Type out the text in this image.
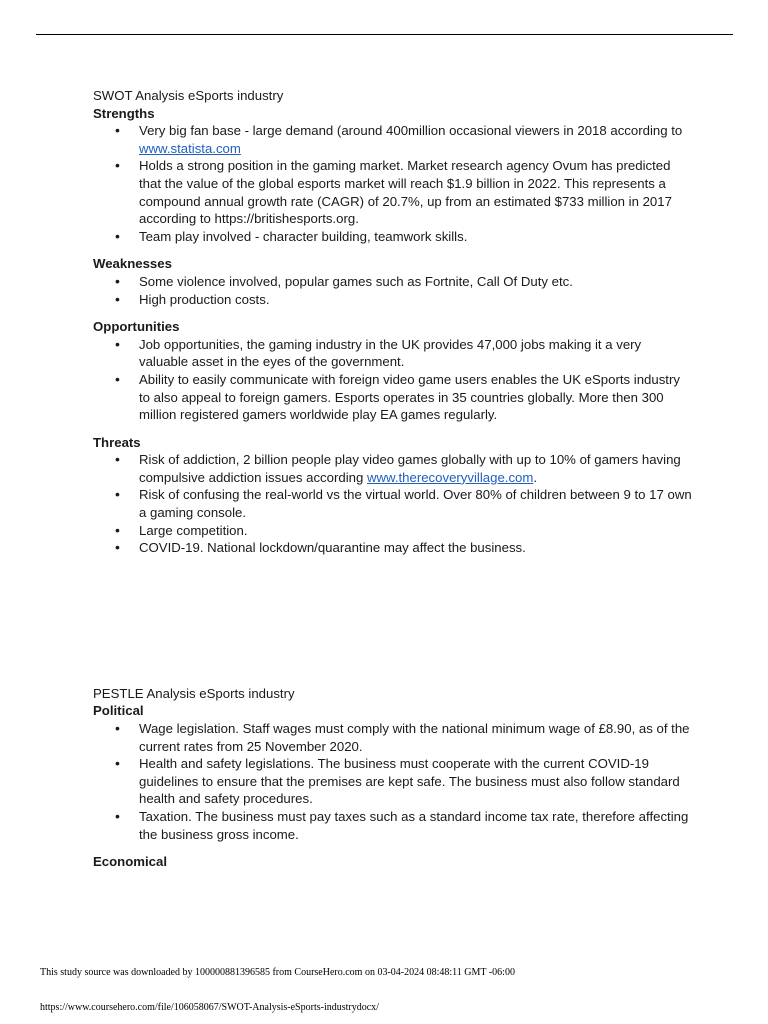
SWOT Analysis eSports industry

Strengths

• Very big fan base - large demand (around 400million occasional viewers in 2018 according to www.statista.com
• Holds a strong position in the gaming market. Market research agency Ovum has predicted that the value of the global esports market will reach $1.9 billion in 2022. This represents a compound annual growth rate (CAGR) of 20.7%, up from an estimated $733 million in 2017 according to https://britishesports.org.
• Team play involved - character building, teamwork skills.

Weaknesses

• Some violence involved, popular games such as Fortnite, Call Of Duty etc.
• High production costs.

Opportunities

• Job opportunities, the gaming industry in the UK provides 47,000 jobs making it a very valuable asset in the eyes of the government.
• Ability to easily communicate with foreign video game users enables the UK eSports industry to also appeal to foreign gamers. Esports operates in 35 countries globally. More then 300 million registered gamers worldwide play EA games regularly.

Threats

• Risk of addiction, 2 billion people play video games globally with up to 10% of gamers having compulsive addiction issues according www.therecoveryvillage.com.
• Risk of confusing the real-world vs the virtual world. Over 80% of children between 9 to 17 own a gaming console.
• Large competition.
• COVID-19. National lockdown/quarantine may affect the business.

PESTLE Analysis eSports industry

Political

• Wage legislation. Staff wages must comply with the national minimum wage of £8.90, as of the current rates from 25 November 2020.
• Health and safety legislations. The business must cooperate with the current COVID-19 guidelines to ensure that the premises are kept safe. The business must also follow standard health and safety procedures.
• Taxation. The business must pay taxes such as a standard income tax rate, therefore affecting the business gross income.

Economical

This study source was downloaded by 100000881396585 from CourseHero.com on 03-04-2024 08:48:11 GMT -06:00
https://www.coursehero.com/file/106058067/SWOT-Analysis-eSports-industrydocx/
